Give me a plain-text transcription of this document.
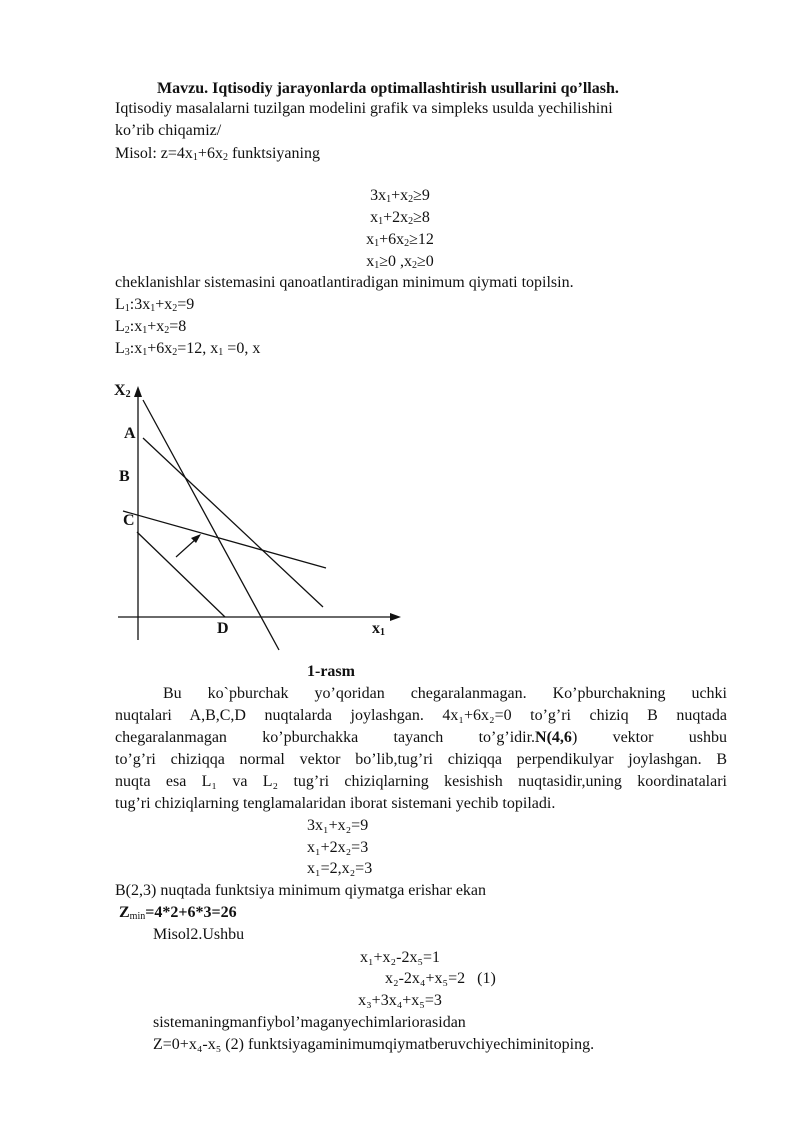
Mavzu. Iqtisodiy jarayonlarda optimallashtirish usullarini qo’llash.
Iqtisodiy masalalarni tuzilgan modelini grafik va simpleks usulda yechilishini
ko’rib chiqamiz/
Misol: $z=4x_1+6x_2$ funktsiyaning
$3x_1+x_2\ge 9$
$x_1+2x_2\ge 8$
$x_1+6x_2\ge 12$
$x_1\ge 0$ $,x_2\ge 0$
cheklanishlar sistemasini qanoatlantiradigan minimum qiymati topilsin.
$L_1:3x_1+x_2=9$
$L_2:x_1+x_2=8$
$L_3:x_1+6x_2=12$, $x_1 =0$, x
$X_2$
A
B
C
D	$x_1$
1-rasm
Bu ko`pburchak yo’qoridan chegaralanmagan. Ko’pburchakning uchki
nuqtalari A,B,C,D nuqtalarda joylashgan. 4x₁+6x₂=0 to’g’ri chiziq B nuqtada
chegaralanmagan ko’pburchakka tayanch to’g’idir.N(4,6) vektor ushbu
to’g’ri chiziqqa normal vektor bo’lib,tug’ri chiziqqa perpendikulyar joylashgan. B
nuqta esa L₁ va L₂ tug’ri chiziqlarning kesishish nuqtasidir,uning koordinatalari
tug’ri chiziqlarning tenglamalaridan iborat sistemani yechib topiladi.
3x₁+x₂=9
x₁+2x₂=3
x₁=2,x₂=3
B(2,3) nuqtada funktsiya minimum qiymatga erishar ekan
$Z_{min}=4*2+6*3=26$
Misol2.Ushbu
x₁+x₂-2x₅=1
x₂-2x₄+x₅=2   (1)
x₃+3x₄+x₅=3
sistemaningmanfiybol’maganyechimlariorasidan
Z=0+x₄-x₅ (2) funktsiyagaminimumqiymatberuvchiyechiminitoping.
